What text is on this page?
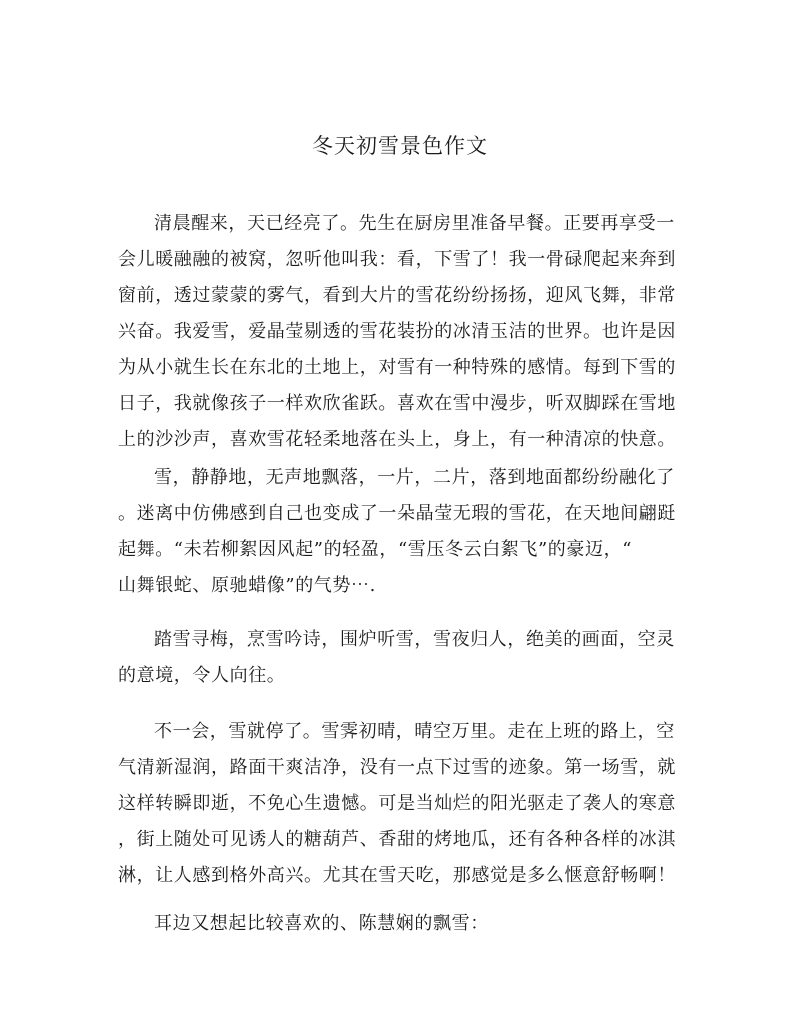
冬天初雪景色作文
清晨醒来，天已经亮了。先生在厨房里准备早餐。正要再享受一
会儿暖融融的被窝，忽听他叫我：看，下雪了！我一骨碌爬起来奔到
窗前，透过蒙蒙的雾气，看到大片的雪花纷纷扬扬，迎风飞舞，非常
兴奋。我爱雪，爱晶莹剔透的雪花装扮的冰清玉洁的世界。也许是因
为从小就生长在东北的土地上，对雪有一种特殊的感情。每到下雪的
日子，我就像孩子一样欢欣雀跃。喜欢在雪中漫步，听双脚踩在雪地
上的沙沙声，喜欢雪花轻柔地落在头上，身上，有一种清凉的快意。
雪，静静地，无声地飘落，一片，二片，落到地面都纷纷融化了
。迷离中仿佛感到自己也变成了一朵晶莹无瑕的雪花，在天地间翩跹
起舞。“未若柳絮因风起”的轻盈，“雪压冬云白絮飞”的豪迈，“
山舞银蛇、原驰蜡像”的气势⋯.
踏雪寻梅，烹雪吟诗，围炉听雪，雪夜归人，绝美的画面，空灵
的意境，令人向往。
不一会，雪就停了。雪霁初晴，晴空万里。走在上班的路上，空
气清新湿润，路面干爽洁净，没有一点下过雪的迹象。第一场雪，就
这样转瞬即逝，不免心生遗憾。可是当灿烂的阳光驱走了袭人的寒意
，街上随处可见诱人的糖葫芦、香甜的烤地瓜，还有各种各样的冰淇
淋，让人感到格外高兴。尤其在雪天吃，那感觉是多么惬意舒畅啊！
耳边又想起比较喜欢的、陈慧娴的飘雪：
